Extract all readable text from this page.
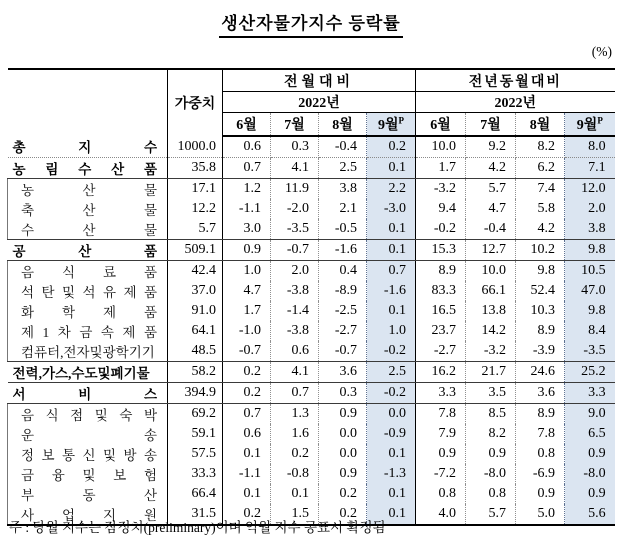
생산자물가지수 등락률
(%)
	가중치	전월대비				전년동월대비			
		2022년				2022년			
		6월	7월	8월	9월$^P$	6월	7월	8월	9월$^P$

총 지 수	1000.0	0.6	0.3	-0.4	0.2	10.0	9.2	8.2	8.0

농 림 수 산 품	35.8	0.7	4.1	2.5	0.1	1.7	4.2	6.2	7.1

농 산 물	17.1	1.2	11.9	3.8	2.2	-3.2	5.7	7.4	12.0

축 산 물	12.2	-1.1	-2.0	2.1	-3.0	9.4	4.7	5.8	2.0

수 산 물	5.7	3.0	-3.5	-0.5	0.1	-0.2	-0.4	4.2	3.8

공 산 품	509.1	0.9	-0.7	-1.6	0.1	15.3	12.7	10.2	9.8

음 식 료 품	42.4	1.0	2.0	0.4	0.7	8.9	10.0	9.8	10.5

석 탄 및 석 유 제 품	37.0	4.7	-3.8	-8.9	-1.6	83.3	66.1	52.4	47.0

화 학 제 품	91.0	1.7	-1.4	-2.5	0.1	16.5	13.8	10.3	9.8

제 1 차 금 속 제 품	64.1	-1.0	-3.8	-2.7	1.0	23.7	14.2	8.9	8.4

컴퓨터,전자및광학기기	48.5	-0.7	0.6	-0.7	-0.2	-2.7	-3.2	-3.9	-3.5

전력,가스,수도및폐기물	58.2	0.2	4.1	3.6	2.5	16.2	21.7	24.6	25.2

서 비 스	394.9	0.2	0.7	0.3	-0.2	3.3	3.5	3.6	3.3

음 식 점 및 숙 박	69.2	0.7	1.3	0.9	0.0	7.8	8.5	8.9	9.0

운 송	59.1	0.6	1.6	0.0	-0.9	7.9	8.2	7.8	6.5

정 보 통 신 및 방 송	57.5	0.1	0.2	0.0	0.1	0.9	0.9	0.8	0.9

금 융 및 보 험	33.3	-1.1	-0.8	0.9	-1.3	-7.2	-8.0	-6.9	-8.0

부 동 산	66.4	0.1	0.1	0.2	0.1	0.8	0.8	0.9	0.9

사 업 지 원	31.5	0.2	1.5	0.2	0.1	4.0	5.7	5.0	5.6
주 : 당월 지수는 잠정치(preliminary)이며 익월 지수 공표시 확정됨
